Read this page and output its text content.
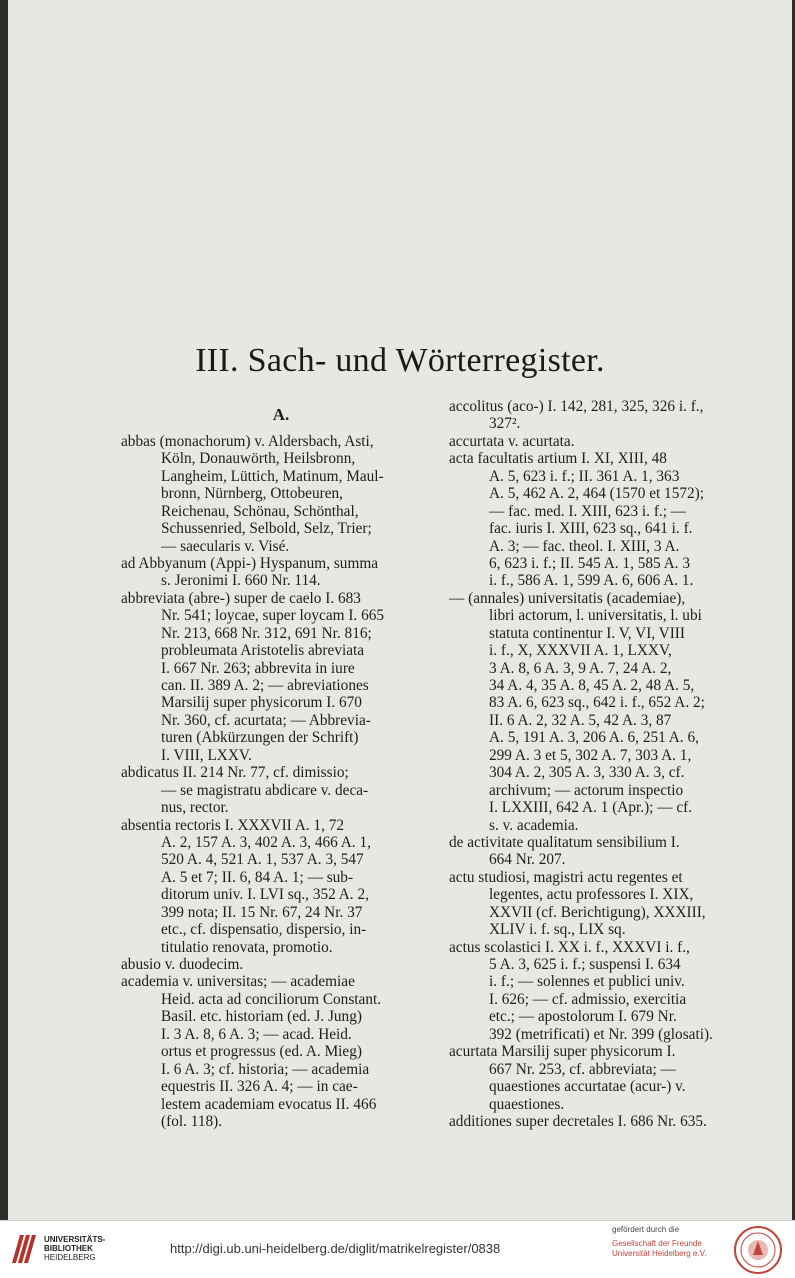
III. Sach- und Wörterregister.
A.
abbas (monachorum) v. Aldersbach, Asti,
Köln, Donauwörth, Heilsbronn,
Langheim, Lüttich, Matinum, Maul-
bronn, Nürnberg, Ottobeuren,
Reichenau, Schönau, Schönthal,
Schussenried, Selbold, Selz, Trier;
— saecularis v. Visé.
ad Abbyanum (Appi-) Hyspanum, summa
s. Jeronimi I. 660 Nr. 114.
abbreviata (abre-) super de caelo I. 683
Nr. 541; loycae, super loycam I. 665
Nr. 213, 668 Nr. 312, 691 Nr. 816;
probleumata Aristotelis abreviata
I. 667 Nr. 263; abbrevita in iure
can. II. 389 A. 2; — abreviationes
Marsilij super physicorum I. 670
Nr. 360, cf. acurtata; — Abbrevia-
turen (Abkürzungen der Schrift)
I. VIII, LXXV.
abdicatus II. 214 Nr. 77, cf. dimissio;
— se magistratu abdicare v. deca-
nus, rector.
absentia rectoris I. XXXVII A. 1, 72
A. 2, 157 A. 3, 402 A. 3, 466 A. 1,
520 A. 4, 521 A. 1, 537 A. 3, 547
A. 5 et 7; II. 6, 84 A. 1; — sub-
ditorum univ. I. LVI sq., 352 A. 2,
399 nota; II. 15 Nr. 67, 24 Nr. 37
etc., cf. dispensatio, dispersio, in-
titulatio renovata, promotio.
abusio v. duodecim.
academia v. universitas; — academiae
Heid. acta ad conciliorum Constant.
Basil. etc. historiam (ed. J. Jung)
I. 3 A. 8, 6 A. 3; — acad. Heid.
ortus et progressus (ed. A. Mieg)
I. 6 A. 3; cf. historia; — academia
equestris II. 326 A. 4; — in cae-
lestem academiam evocatus II. 466
(fol. 118).
accolitus (aco-) I. 142, 281, 325, 326 i. f.,
327².
accurtata v. acurtata.
acta facultatis artium I. XI, XIII, 48
A. 5, 623 i. f.; II. 361 A. 1, 363
A. 5, 462 A. 2, 464 (1570 et 1572);
— fac. med. I. XIII, 623 i. f.; —
fac. iuris I. XIII, 623 sq., 641 i. f.
A. 3; — fac. theol. I. XIII, 3 A.
6, 623 i. f.; II. 545 A. 1, 585 A. 3
i. f., 586 A. 1, 599 A. 6, 606 A. 1.
— (annales) universitatis (academiae),
libri actorum, l. universitatis, l. ubi
statuta continentur I. V, VI, VIII
i. f., X, XXXVII A. 1, LXXV,
3 A. 8, 6 A. 3, 9 A. 7, 24 A. 2,
34 A. 4, 35 A. 8, 45 A. 2, 48 A. 5,
83 A. 6, 623 sq., 642 i. f., 652 A. 2;
II. 6 A. 2, 32 A. 5, 42 A. 3, 87
A. 5, 191 A. 3, 206 A. 6, 251 A. 6,
299 A. 3 et 5, 302 A. 7, 303 A. 1,
304 A. 2, 305 A. 3, 330 A. 3, cf.
archivum; — actorum inspectio
I. LXXIII, 642 A. 1 (Apr.); — cf.
s. v. academia.
de activitate qualitatum sensibilium I.
664 Nr. 207.
actu studiosi, magistri actu regentes et
legentes, actu professores I. XIX,
XXVII (cf. Berichtigung), XXXIII,
XLIV i. f. sq., LIX sq.
actus scolastici I. XX i. f., XXXVI i. f.,
5 A. 3, 625 i. f.; suspensi I. 634
i. f.; — solennes et publici univ.
I. 626; — cf. admissio, exercitia
etc.; — apostolorum I. 679 Nr.
392 (metrificati) et Nr. 399 (glosati).
acurtata Marsilij super physicorum I.
667 Nr. 253, cf. abbreviata; —
quaestiones accurtatae (acur-) v.
quaestiones.
additiones super decretales I. 686 Nr. 635.
UNIVERSITÄTS-
BIBLIOTHEK
HEIDELBERG
http://digi.ub.uni-heidelberg.de/diglit/matrikelregister/0838
gefördert durch die
Gesellschaft der Freunde
Universität Heidelberg e.V.
